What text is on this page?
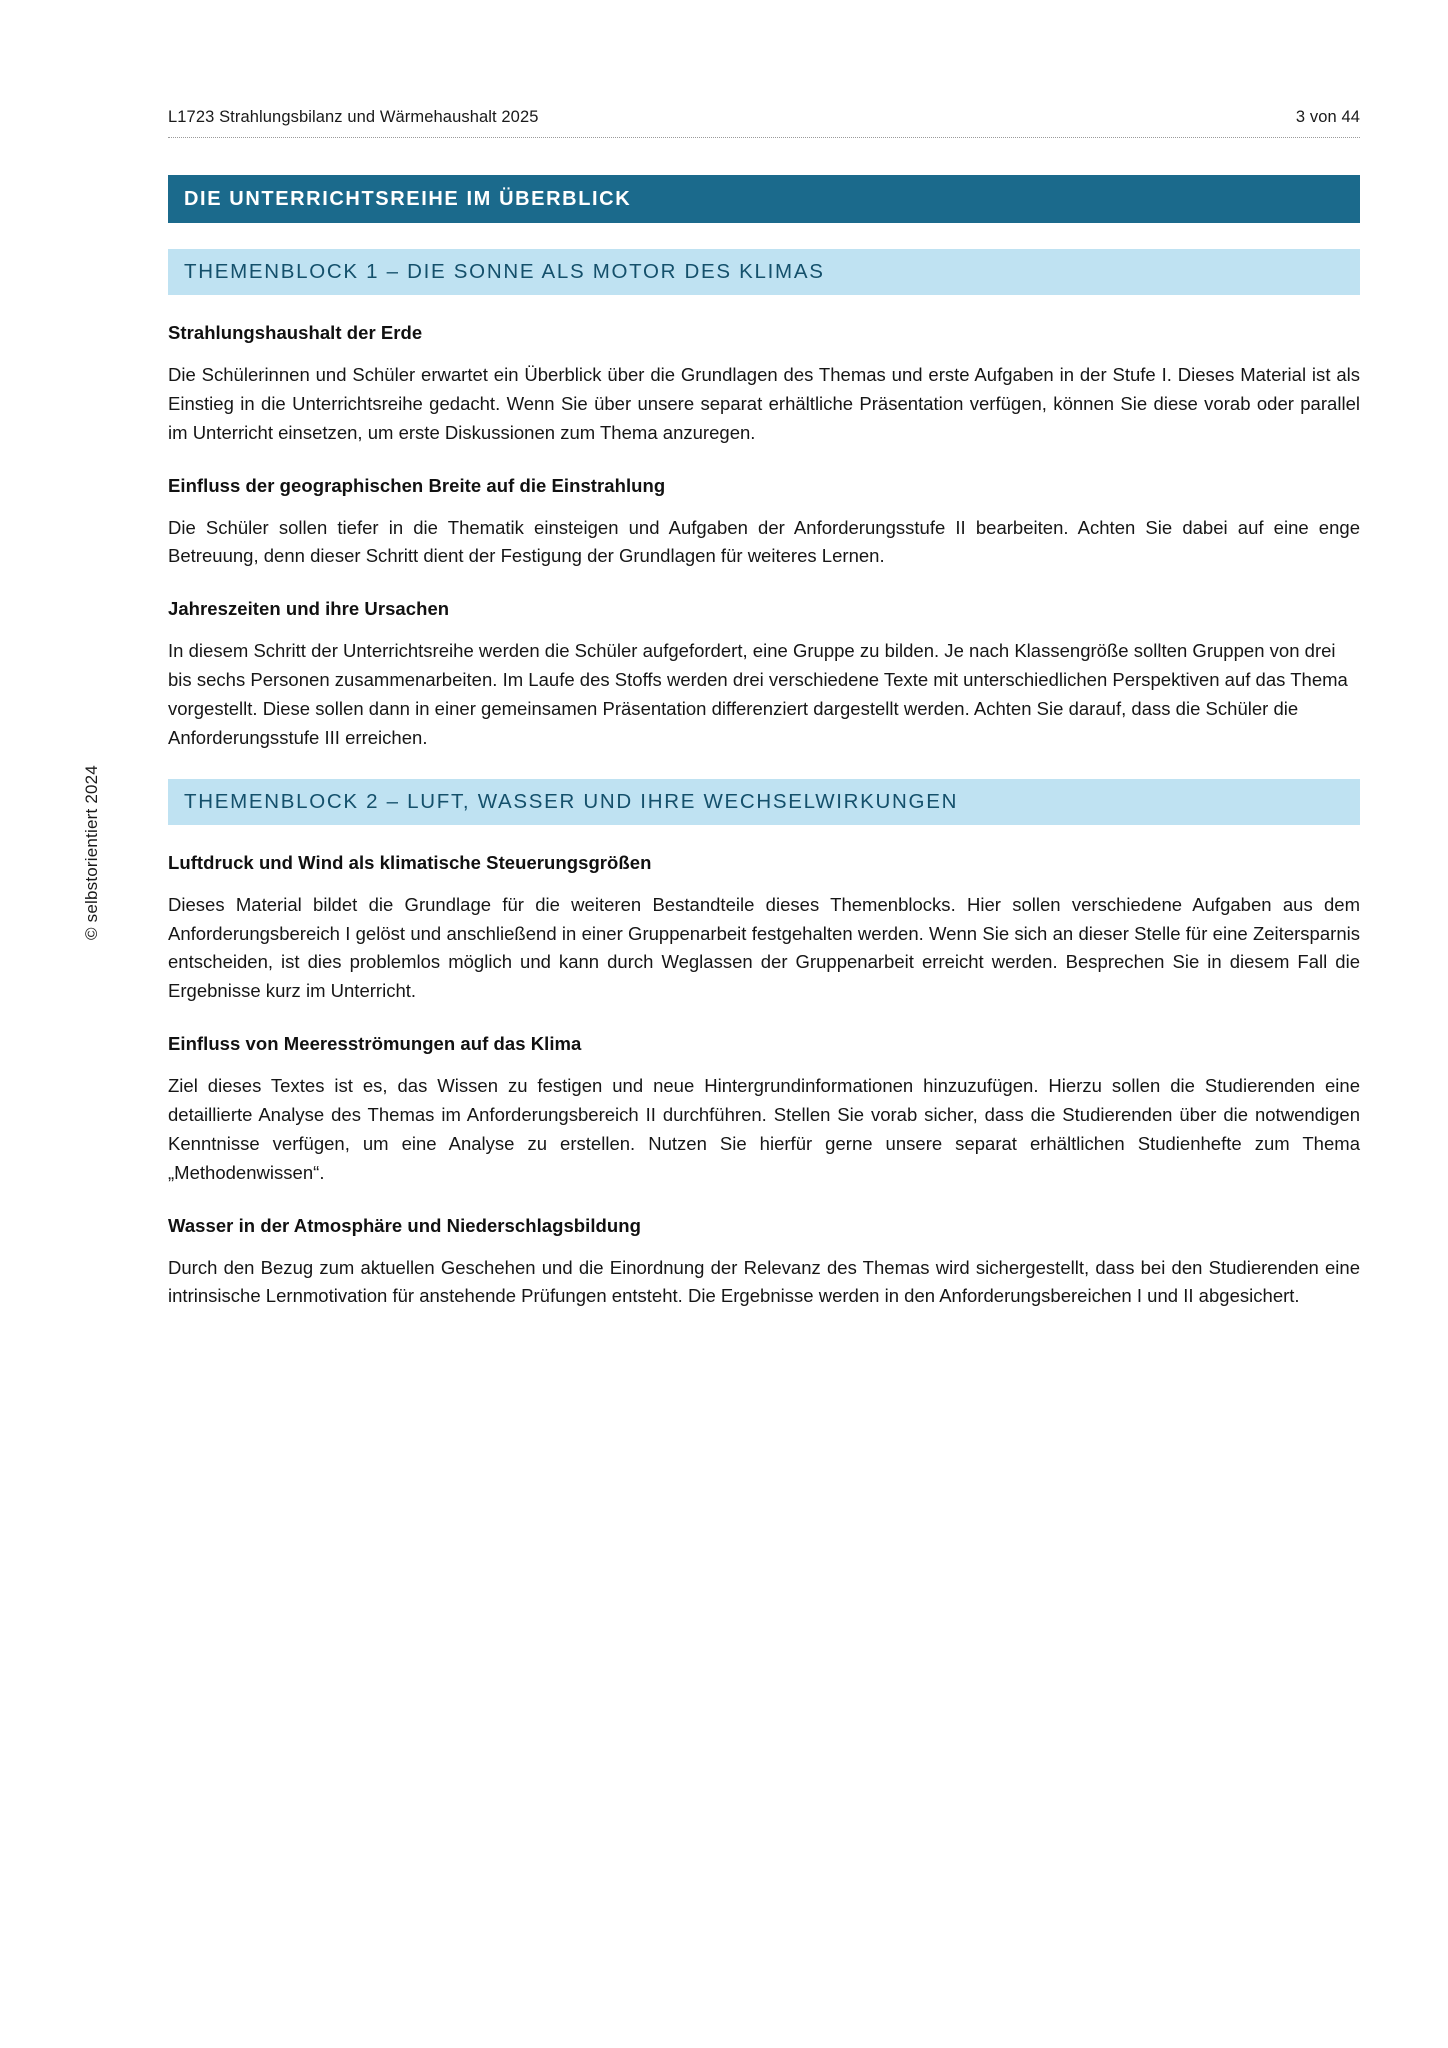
L1723 Strahlungsbilanz und Wärmehaushalt 2025	3 von 44
© selbstorientiert 2024
DIE UNTERRICHTSREIHE IM ÜBERBLICK
THEMENBLOCK 1 – DIE SONNE ALS MOTOR DES KLIMAS
Strahlungshaushalt der Erde

Die Schülerinnen und Schüler erwartet ein Überblick über die Grundlagen des Themas und erste Aufgaben in der Stufe I. Dieses Material ist als Einstieg in die Unterrichtsreihe gedacht. Wenn Sie über unsere separat erhältliche Präsentation verfügen, können Sie diese vorab oder parallel im Unterricht einsetzen, um erste Diskussionen zum Thema anzuregen.

Einfluss der geographischen Breite auf die Einstrahlung

Die Schüler sollen tiefer in die Thematik einsteigen und Aufgaben der Anforderungsstufe II bearbeiten. Achten Sie dabei auf eine enge Betreuung, denn dieser Schritt dient der Festigung der Grundlagen für weiteres Lernen.

Jahreszeiten und ihre Ursachen

In diesem Schritt der Unterrichtsreihe werden die Schüler aufgefordert, eine Gruppe zu bilden. Je nach Klassengröße sollten Gruppen von drei bis sechs Personen zusammenarbeiten. Im Laufe des Stoffs werden drei verschiedene Texte mit unterschiedlichen Perspektiven auf das Thema vorgestellt. Diese sollen dann in einer gemeinsamen Präsentation differenziert dargestellt werden. Achten Sie darauf, dass die Schüler die Anforderungsstufe III erreichen.

THEMENBLOCK 2 – LUFT, WASSER UND IHRE WECHSELWIRKUNGEN
Luftdruck und Wind als klimatische Steuerungsgrößen

Dieses Material bildet die Grundlage für die weiteren Bestandteile dieses Themenblocks. Hier sollen verschiedene Aufgaben aus dem Anforderungsbereich I gelöst und anschließend in einer Gruppenarbeit festgehalten werden. Wenn Sie sich an dieser Stelle für eine Zeitersparnis entscheiden, ist dies problemlos möglich und kann durch Weglassen der Gruppenarbeit erreicht werden. Besprechen Sie in diesem Fall die Ergebnisse kurz im Unterricht.

Einfluss von Meeresströmungen auf das Klima

Ziel dieses Textes ist es, das Wissen zu festigen und neue Hintergrundinformationen hinzuzufügen. Hierzu sollen die Studierenden eine detaillierte Analyse des Themas im Anforderungsbereich II durchführen. Stellen Sie vorab sicher, dass die Studierenden über die notwendigen Kenntnisse verfügen, um eine Analyse zu erstellen. Nutzen Sie hierfür gerne unsere separat erhältlichen Studienhefte zum Thema „Methodenwissen“.

Wasser in der Atmosphäre und Niederschlagsbildung

Durch den Bezug zum aktuellen Geschehen und die Einordnung der Relevanz des Themas wird sichergestellt, dass bei den Studierenden eine intrinsische Lernmotivation für anstehende Prüfungen entsteht. Die Ergebnisse werden in den Anforderungsbereichen I und II abgesichert.
